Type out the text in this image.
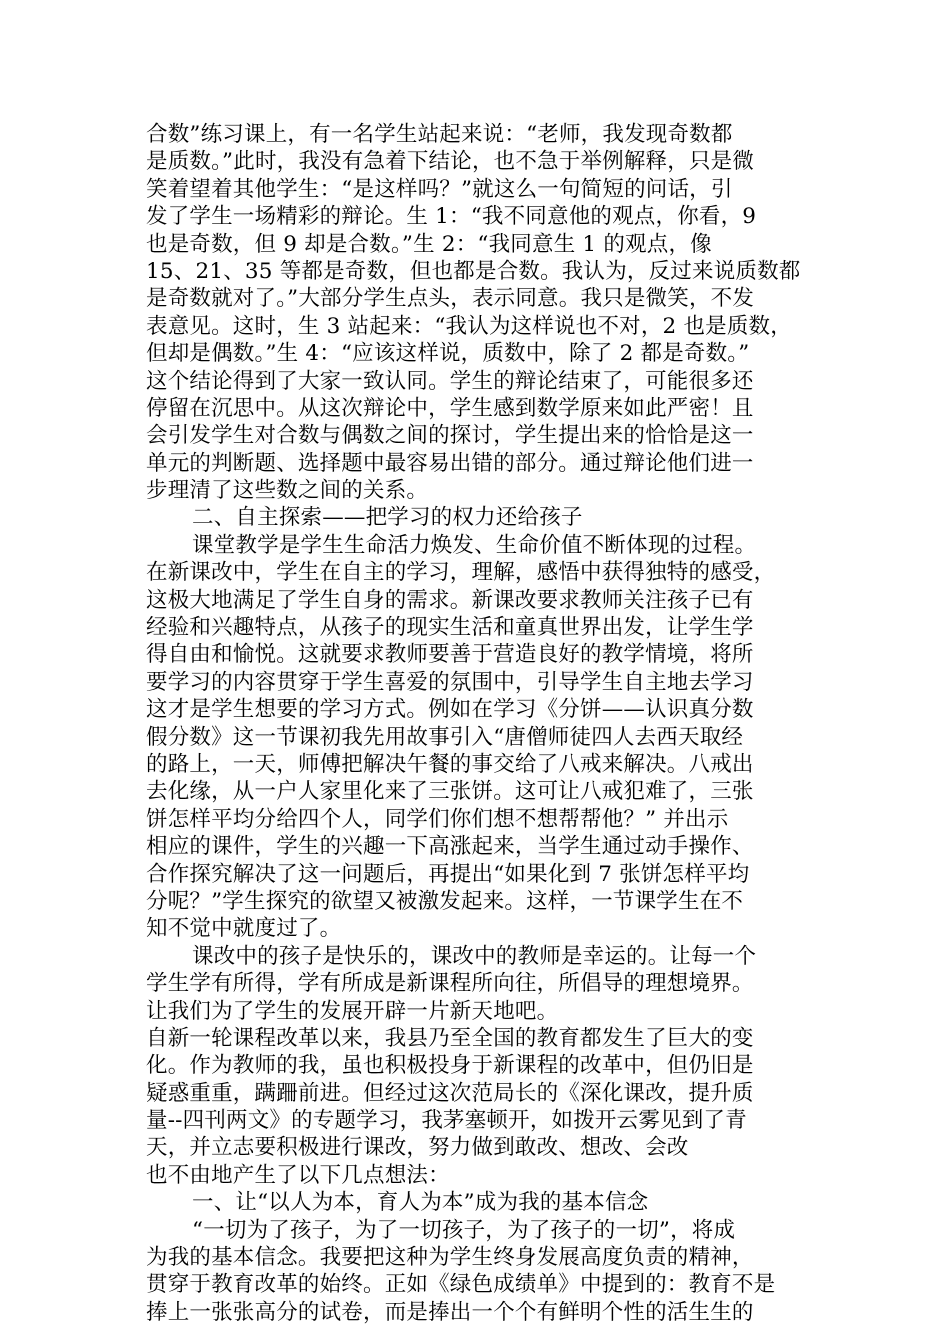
合数”练习课上，有一名学生站起来说：“老师，我发现奇数都
是质数。”此时，我没有急着下结论，也不急于举例解释，只是微
笑着望着其他学生：“是这样吗？”就这么一句简短的问话，引
发了学生一场精彩的辩论。生 1：“我不同意他的观点，你看，9
也是奇数，但 9 却是合数。”生 2：“我同意生 1 的观点，像
15、21、35 等都是奇数，但也都是合数。我认为，反过来说质数都
是奇数就对了。”大部分学生点头，表示同意。我只是微笑，不发
表意见。这时，生 3 站起来：“我认为这样说也不对，2 也是质数，
但却是偶数。”生 4：“应该这样说，质数中，除了 2 都是奇数。”
这个结论得到了大家一致认同。学生的辩论结束了，可能很多还
停留在沉思中。从这次辩论中，学生感到数学原来如此严密！且
会引发学生对合数与偶数之间的探讨，学生提出来的恰恰是这一
单元的判断题、选择题中最容易出错的部分。通过辩论他们进一
步理清了这些数之间的关系。
二、自主探索——把学习的权力还给孩子
课堂教学是学生生命活力焕发、生命价值不断体现的过程。
在新课改中，学生在自主的学习，理解，感悟中获得独特的感受，
这极大地满足了学生自身的需求。新课改要求教师关注孩子已有
经验和兴趣特点，从孩子的现实生活和童真世界出发，让学生学
得自由和愉悦。这就要求教师要善于营造良好的教学情境，将所
要学习的内容贯穿于学生喜爱的氛围中，引导学生自主地去学习
这才是学生想要的学习方式。例如在学习《分饼——认识真分数
假分数》这一节课初我先用故事引入“唐僧师徒四人去西天取经
的路上，一天，师傅把解决午餐的事交给了八戒来解决。八戒出
去化缘，从一户人家里化来了三张饼。这可让八戒犯难了，三张
饼怎样平均分给四个人，同学们你们想不想帮帮他？” 并出示
相应的课件，学生的兴趣一下高涨起来，当学生通过动手操作、
合作探究解决了这一问题后，再提出“如果化到 7 张饼怎样平均
分呢？”学生探究的欲望又被激发起来。这样，一节课学生在不
知不觉中就度过了。
课改中的孩子是快乐的，课改中的教师是幸运的。让每一个
学生学有所得，学有所成是新课程所向往，所倡导的理想境界。
让我们为了学生的发展开辟一片新天地吧。
自新一轮课程改革以来，我县乃至全国的教育都发生了巨大的变
化。作为教师的我，虽也积极投身于新课程的改革中，但仍旧是
疑惑重重，蹒跚前进。但经过这次范局长的《深化课改，提升质
量--四刊两文》的专题学习，我茅塞顿开，如拨开云雾见到了青
天，并立志要积极进行课改，努力做到敢改、想改、会改
也不由地产生了以下几点想法：
一、让“以人为本，育人为本”成为我的基本信念
“一切为了孩子，为了一切孩子，为了孩子的一切”，将成
为我的基本信念。我要把这种为学生终身发展高度负责的精神，
贯穿于教育改革的始终。正如《绿色成绩单》中提到的：教育不是
捧上一张张高分的试卷，而是捧出一个个有鲜明个性的活生生的
